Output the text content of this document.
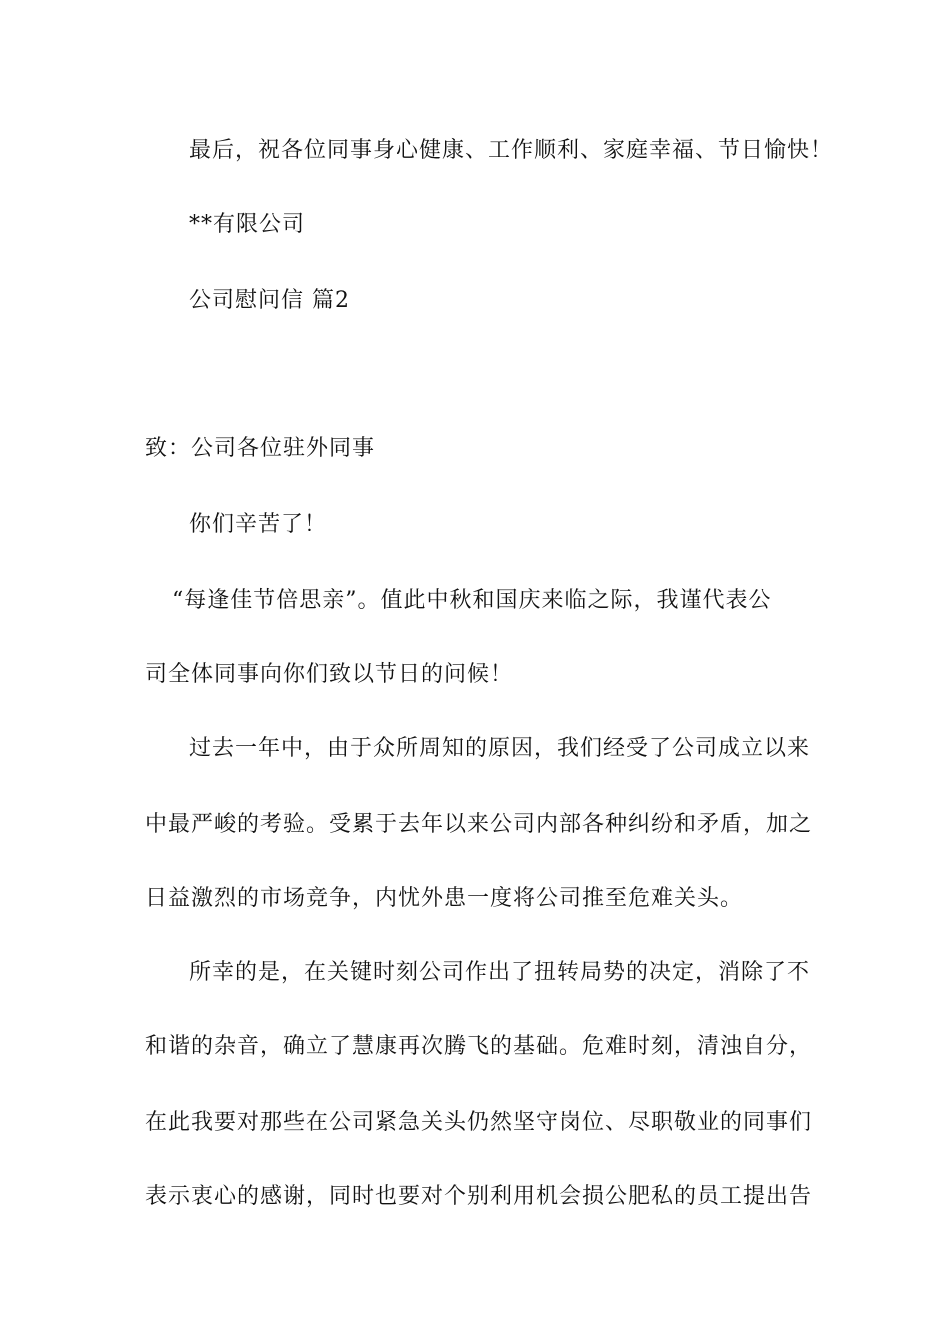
最后，祝各位同事身心健康、工作顺利、家庭幸福、节日愉快！
**有限公司
公司慰问信 篇2
致：公司各位驻外同事
你们辛苦了！
“每逢佳节倍思亲”。值此中秋和国庆来临之际，我谨代表公
司全体同事向你们致以节日的问候！
过去一年中，由于众所周知的原因，我们经受了公司成立以来
中最严峻的考验。受累于去年以来公司内部各种纠纷和矛盾，加之
日益激烈的市场竞争，内忧外患一度将公司推至危难关头。
所幸的是，在关键时刻公司作出了扭转局势的决定，消除了不
和谐的杂音，确立了慧康再次腾飞的基础。危难时刻，清浊自分，
在此我要对那些在公司紧急关头仍然坚守岗位、尽职敬业的同事们
表示衷心的感谢，同时也要对个别利用机会损公肥私的员工提出告
